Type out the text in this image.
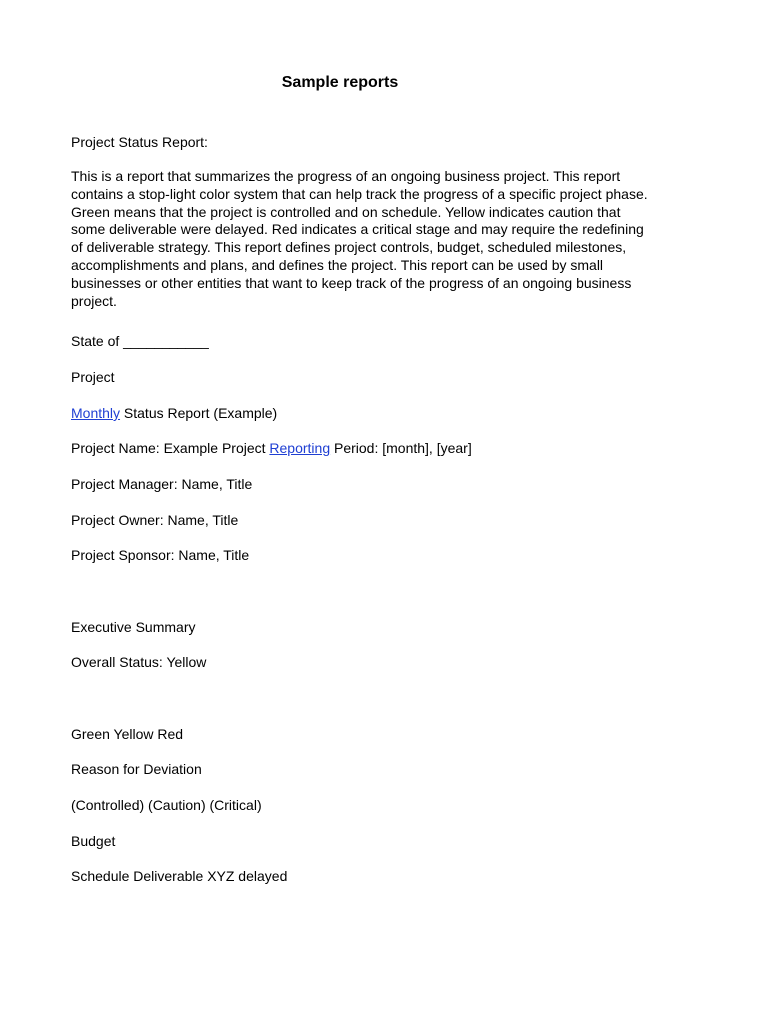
Sample reports
Project Status Report:
This is a report that summarizes the progress of an ongoing business project. This report
contains a stop-light color system that can help track the progress of a specific project phase.
Green means that the project is controlled and on schedule. Yellow indicates caution that
some deliverable were delayed. Red indicates a critical stage and may require the redefining
of deliverable strategy. This report defines project controls, budget, scheduled milestones,
accomplishments and plans, and defines the project. This report can be used by small
businesses or other entities that want to keep track of the progress of an ongoing business
project.
State of ___________
Project
Monthly Status Report (Example)
Project Name: Example Project Reporting Period: [month], [year]
Project Manager: Name, Title
Project Owner: Name, Title
Project Sponsor: Name, Title
Executive Summary
Overall Status: Yellow
Green Yellow Red
Reason for Deviation
(Controlled) (Caution) (Critical)
Budget
Schedule Deliverable XYZ delayed
